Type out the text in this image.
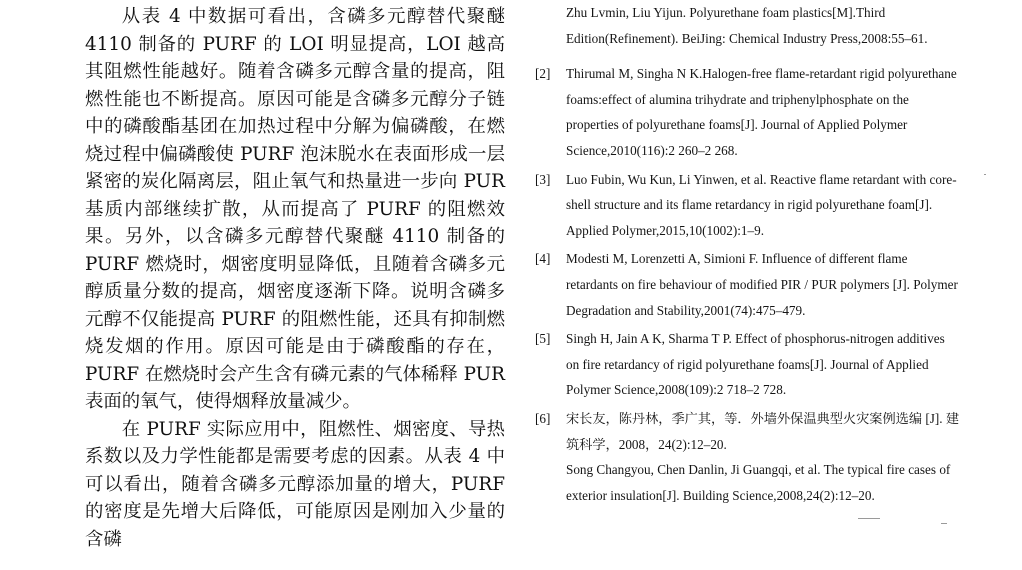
从表 4 中数据可看出，含磷多元醇替代聚醚 4110 制备的 PURF 的 LOI 明显提高，LOI 越高其阻燃性能越好。随着含磷多元醇含量的提高，阻燃性能也不断提高。原因可能是含磷多元醇分子链中的磷酸酯基团在加热过程中分解为偏磷酸，在燃烧过程中偏磷酸使 PURF 泡沫脱水在表面形成一层紧密的炭化隔离层，阻止氧气和热量进一步向 PUR 基质内部继续扩散，从而提高了 PURF 的阻燃效果。另外，以含磷多元醇替代聚醚 4110 制备的 PURF 燃烧时，烟密度明显降低，且随着含磷多元醇质量分数的提高，烟密度逐渐下降。说明含磷多元醇不仅能提高 PURF 的阻燃性能，还具有抑制燃烧发烟的作用。原因可能是由于磷酸酯的存在，PURF 在燃烧时会产生含有磷元素的气体稀释 PUR 表面的氧气，使得烟释放量减少。

在 PURF 实际应用中，阻燃性、烟密度、导热系数以及力学性能都是需要考虑的因素。从表 4 中可以看出，随着含磷多元醇添加量的增大，PURF 的密度是先增大后降低，可能原因是刚加入少量的含磷

Zhu Lvmin, Liu Yijun. Polyurethane foam plastics[M].Third Edition(Refinement). BeiJing: Chemical Industry Press,2008:55–61.
[2]	Thirumal M, Singha N K.Halogen-free flame-retardant rigid polyurethane foams:effect of alumina trihydrate and triphenylphosphate on the properties of polyurethane foams[J]. Journal of Applied Polymer Science,2010(116):2 260–2 268.
[3]	Luo Fubin, Wu Kun, Li Yinwen, et al. Reactive flame retardant with core-shell structure and its flame retardancy in rigid polyurethane foam[J]. Applied Polymer,2015,10(1002):1–9.
[4]	Modesti M, Lorenzetti A, Simioni F. Influence of different flame retardants on fire behaviour of modified PIR / PUR polymers [J]. Polymer Degradation and Stability,2001(74):475–479.
[5]	Singh H, Jain A K, Sharma T P. Effect of phosphorus-nitrogen additives on fire retardancy of rigid polyurethane foams[J]. Journal of Applied Polymer Science,2008(109):2 718–2 728.
[6]	宋长友，陈丹林，季广其，等．外墙外保温典型火灾案例选编 [J]. 建筑科学，2008，24(2):12–20.
Song Changyou, Chen Danlin, Ji Guangqi, et al. The typical fire cases of exterior insulation[J]. Building Science,2008,24(2):12–20.
